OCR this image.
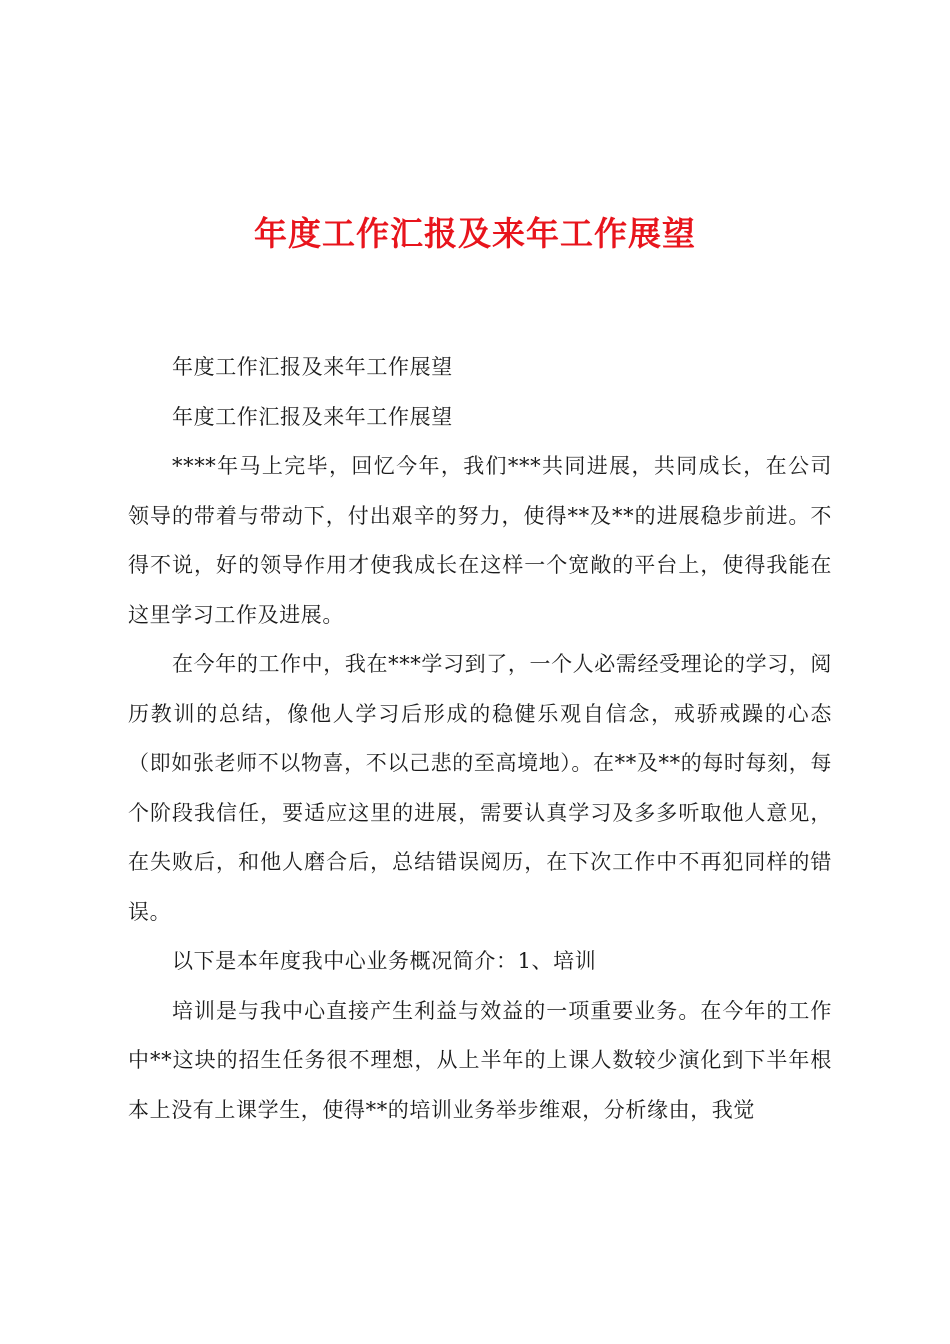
年度工作汇报及来年工作展望

年度工作汇报及来年工作展望

年度工作汇报及来年工作展望

****年马上完毕，回忆今年，我们***共同进展，共同成长，在公司领导的带着与带动下，付出艰辛的努力，使得**及**的进展稳步前进。不得不说，好的领导作用才使我成长在这样一个宽敞的平台上，使得我能在这里学习工作及进展。

在今年的工作中，我在***学习到了，一个人必需经受理论的学习，阅历教训的总结，像他人学习后形成的稳健乐观自信念，戒骄戒躁的心态（即如张老师不以物喜，不以己悲的至高境地）。在**及**的每时每刻，每个阶段我信任，要适应这里的进展，需要认真学习及多多听取他人意见，在失败后，和他人磨合后，总结错误阅历，在下次工作中不再犯同样的错误。

以下是本年度我中心业务概况简介：1、培训

培训是与我中心直接产生利益与效益的一项重要业务。在今年的工作中**这块的招生任务很不理想，从上半年的上课人数较少演化到下半年根本上没有上课学生，使得**的培训业务举步维艰，分析缘由，我觉
